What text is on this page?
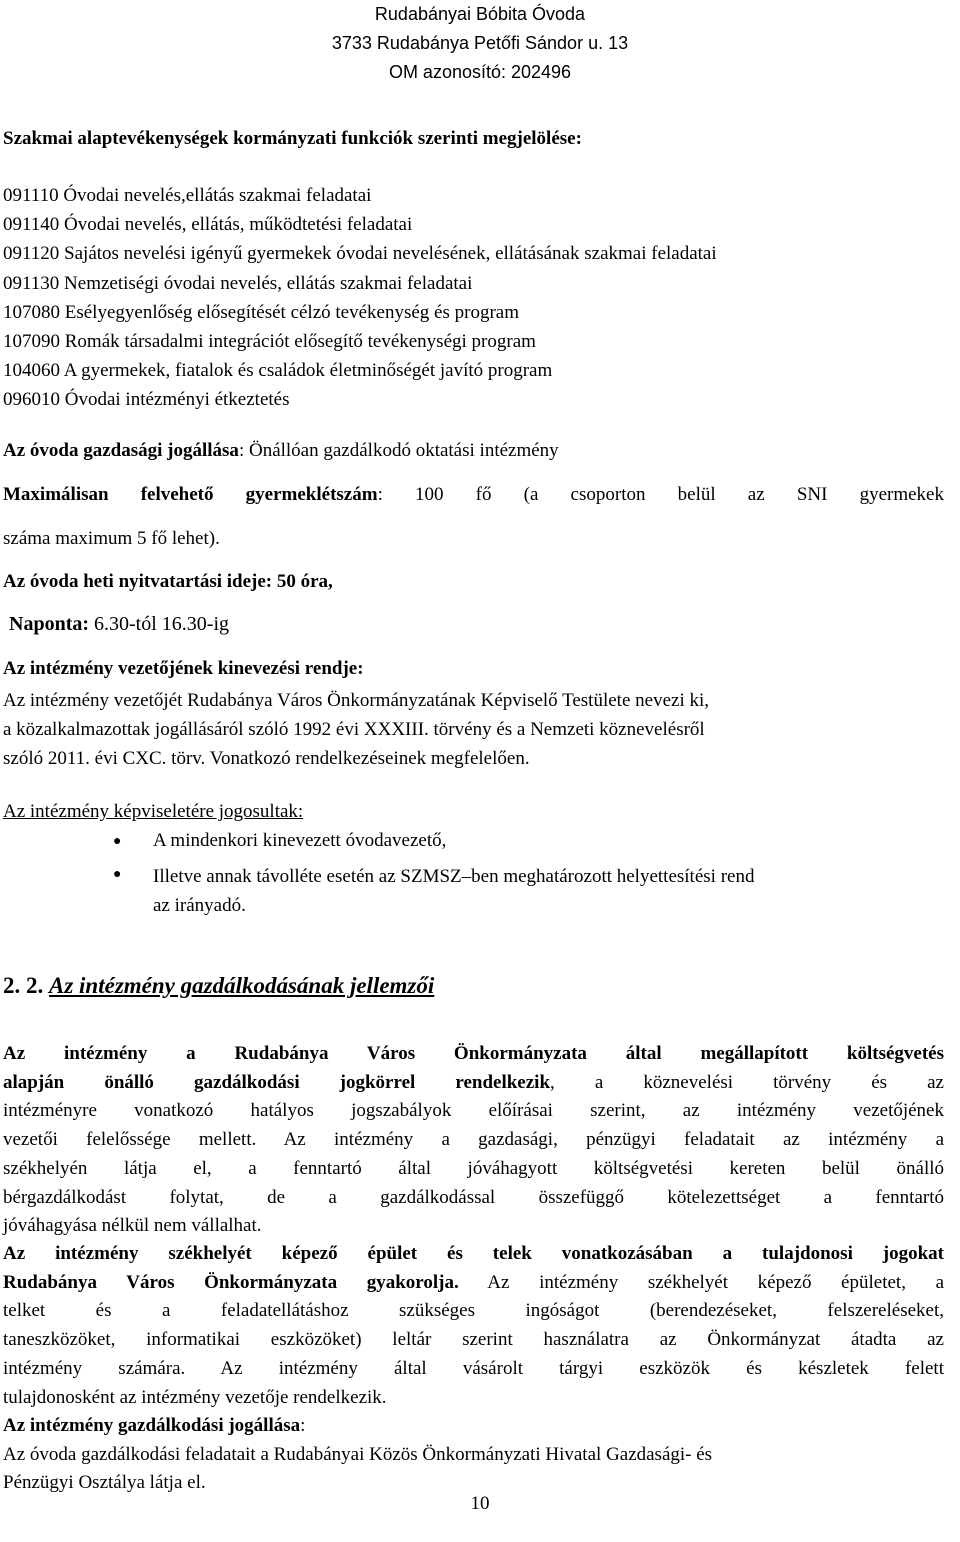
Rudabányai Bóbita Óvoda
3733 Rudabánya Petőfi Sándor u. 13
OM azonosító: 202496
Szakmai alaptevékenységek kormányzati funkciók szerinti megjelölése:
091110 Óvodai nevelés,ellátás szakmai feladatai
091140 Óvodai nevelés, ellátás, működtetési feladatai
091120 Sajátos nevelési igényű gyermekek óvodai nevelésének, ellátásának szakmai feladatai
091130 Nemzetiségi óvodai nevelés, ellátás szakmai feladatai
107080 Esélyegyenlőség elősegítését célzó tevékenység és program
107090 Romák társadalmi integrációt elősegítő tevékenységi program
104060 A gyermekek, fiatalok és családok életminőségét javító program
096010 Óvodai intézményi étkeztetés
Az óvoda gazdasági jogállása: Önállóan gazdálkodó oktatási intézmény
Maximálisan felvehető gyermeklétszám: 100 fő (a csoporton belül az SNI gyermekek
száma maximum 5 fő lehet).
Az óvoda heti nyitvatartási ideje: 50 óra,
Naponta: 6.30-tól 16.30-ig
Az intézmény vezetőjének kinevezési rendje:
Az intézmény vezetőjét Rudabánya Város Önkormányzatának Képviselő Testülete nevezi ki,
a közalkalmazottak jogállásáról szóló 1992 évi XXXIII. törvény és a Nemzeti köznevelésről
szóló 2011. évi CXC. törv. Vonatkozó rendelkezéseinek megfelelően.
Az intézmény képviseletére jogosultak:
● A mindenkori kinevezett óvodavezető,
● Illetve annak távolléte esetén az SZMSZ–ben meghatározott helyettesítési rend
az irányadó.
2. 2. Az intézmény gazdálkodásának jellemzői
Az intézmény a Rudabánya Város Önkormányzata által megállapított költségvetés
alapján önálló gazdálkodási jogkörrel rendelkezik, a köznevelési törvény és az
intézményre vonatkozó hatályos jogszabályok előírásai szerint, az intézmény vezetőjének
vezetői felelőssége mellett. Az intézmény a gazdasági, pénzügyi feladatait az intézmény a
székhelyén látja el, a fenntartó által jóváhagyott költségvetési kereten belül önálló
bérgazdálkodást folytat, de a gazdálkodással összefüggő kötelezettséget a fenntartó
jóváhagyása nélkül nem vállalhat.
Az intézmény székhelyét képező épület és telek vonatkozásában a tulajdonosi jogokat
Rudabánya Város Önkormányzata gyakorolja. Az intézmény székhelyét képező épületet, a
telket és a feladatellátáshoz szükséges ingóságot (berendezéseket, felszereléseket,
taneszközöket, informatikai eszközöket) leltár szerint használatra az Önkormányzat átadta az
intézmény számára. Az intézmény által vásárolt tárgyi eszközök és készletek felett
tulajdonosként az intézmény vezetője rendelkezik.
Az intézmény gazdálkodási jogállása:
Az óvoda gazdálkodási feladatait a Rudabányai Közös Önkormányzati Hivatal Gazdasági- és
Pénzügyi Osztálya látja el.
10
